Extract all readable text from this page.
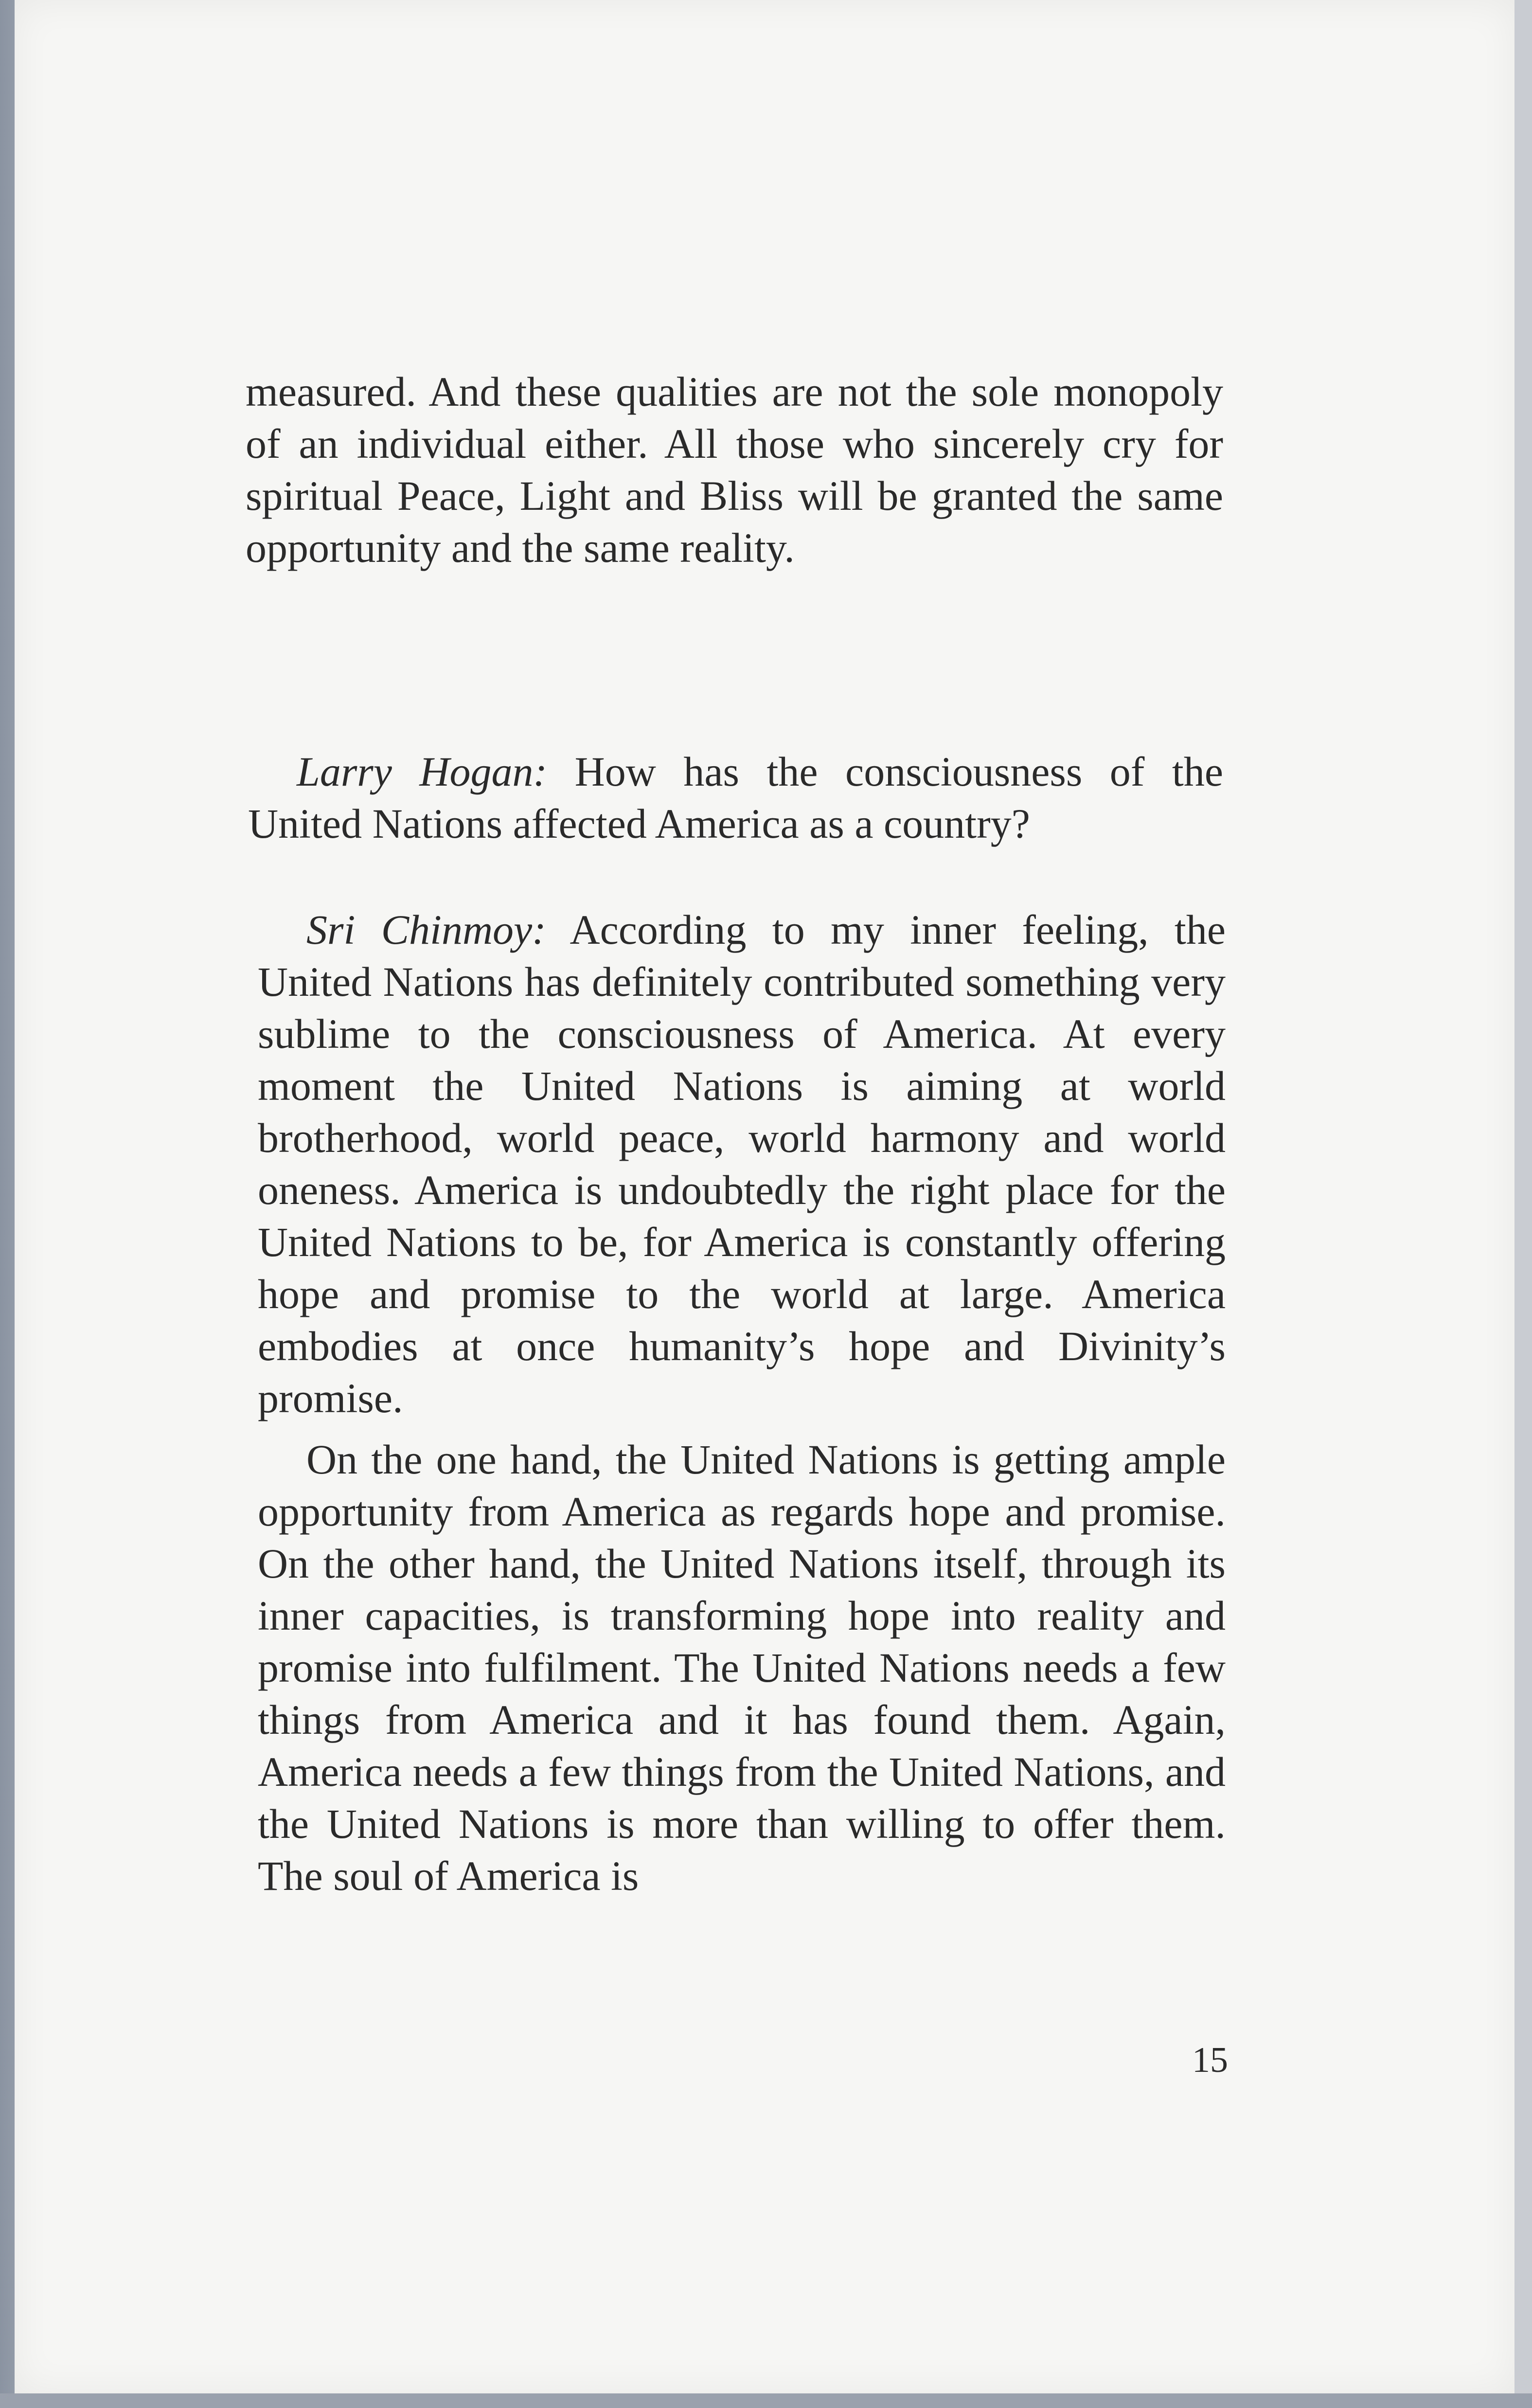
measured. And these qualities are not the sole monopoly of an individual either. All those who sincerely cry for spiritual Peace, Light and Bliss will be granted the same opportunity and the same reality.

Larry Hogan: How has the consciousness of the United Nations affected America as a country?

Sri Chinmoy: According to my inner feeling, the United Nations has definitely contributed something very sublime to the consciousness of America. At every moment the United Nations is aiming at world brotherhood, world peace, world harmony and world oneness. America is undoubtedly the right place for the United Nations to be, for America is constantly offering hope and promise to the world at large. America embodies at once humanity’s hope and Divinity’s promise.

On the one hand, the United Nations is getting ample opportunity from America as regards hope and promise. On the other hand, the United Nations itself, through its inner capacities, is transforming hope into reality and promise into fulfilment. The United Nations needs a few things from America and it has found them. Again, America needs a few things from the United Nations, and the United Nations is more than willing to offer them. The soul of America is

15
